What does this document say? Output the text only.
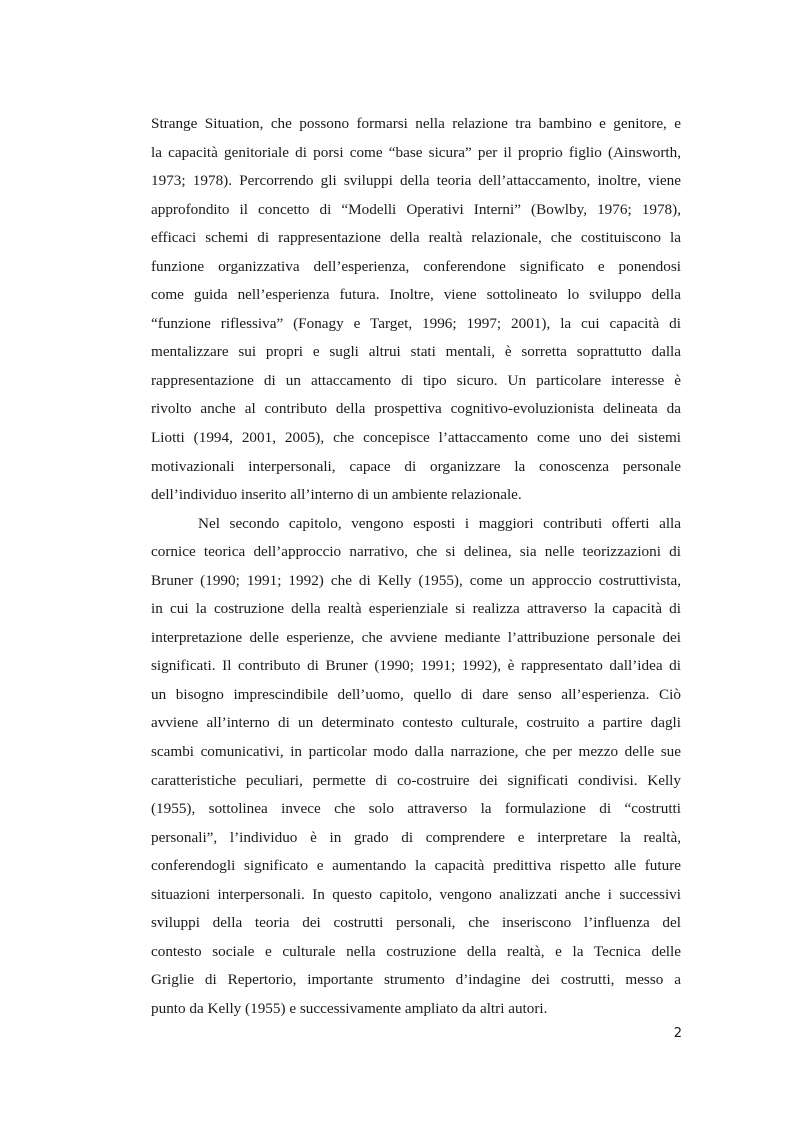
Strange Situation, che possono formarsi nella relazione tra bambino e genitore, e
la capacità genitoriale di porsi come “base sicura” per il proprio figlio (Ainsworth,
1973; 1978). Percorrendo gli sviluppi della teoria dell’attaccamento, inoltre, viene
approfondito il concetto di “Modelli Operativi Interni” (Bowlby, 1976; 1978),
efficaci schemi di rappresentazione della realtà relazionale, che costituiscono la
funzione organizzativa dell’esperienza, conferendone significato e ponendosi
come guida nell’esperienza futura. Inoltre, viene sottolineato lo sviluppo della
“funzione riflessiva” (Fonagy e Target, 1996; 1997; 2001), la cui capacità di
mentalizzare sui propri e sugli altrui stati mentali, è sorretta soprattutto dalla
rappresentazione di un attaccamento di tipo sicuro. Un particolare interesse è
rivolto anche al contributo della prospettiva cognitivo-evoluzionista delineata da
Liotti (1994, 2001, 2005), che concepisce l’attaccamento come uno dei sistemi
motivazionali interpersonali, capace di organizzare la conoscenza personale
dell’individuo inserito all’interno di un ambiente relazionale.
Nel secondo capitolo, vengono esposti i maggiori contributi offerti alla
cornice teorica dell’approccio narrativo, che si delinea, sia nelle teorizzazioni di
Bruner (1990; 1991; 1992) che di Kelly (1955), come un approccio costruttivista,
in cui la costruzione della realtà esperienziale si realizza attraverso la capacità di
interpretazione delle esperienze, che avviene mediante l’attribuzione personale dei
significati. Il contributo di Bruner (1990; 1991; 1992), è rappresentato dall’idea di
un bisogno imprescindibile dell’uomo, quello di dare senso all’esperienza. Ciò
avviene all’interno di un determinato contesto culturale, costruito a partire dagli
scambi comunicativi, in particolar modo dalla narrazione, che per mezzo delle sue
caratteristiche peculiari, permette di co-costruire dei significati condivisi. Kelly
(1955), sottolinea invece che solo attraverso la formulazione di “costrutti
personali”, l’individuo è in grado di comprendere e interpretare la realtà,
conferendogli significato e aumentando la capacità predittiva rispetto alle future
situazioni interpersonali. In questo capitolo, vengono analizzati anche i successivi
sviluppi della teoria dei costrutti personali, che inseriscono l’influenza del
contesto sociale e culturale nella costruzione della realtà, e la Tecnica delle
Griglie di Repertorio, importante strumento d’indagine dei costrutti, messo a
punto da Kelly (1955) e successivamente ampliato da altri autori.
2
